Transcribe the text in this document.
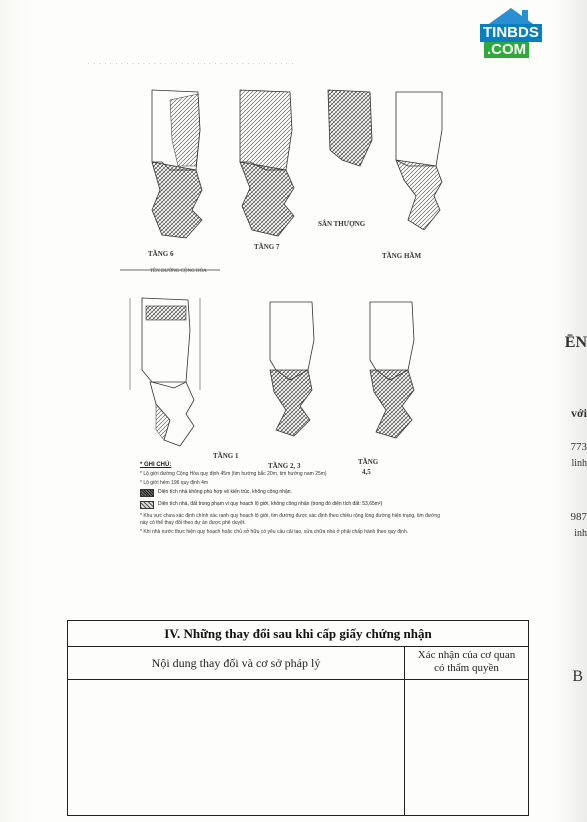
. . . . . . . . . . . . . . . . . . . . . . . . . . . . . . . . . . . . . .
TINBDS
.COM
TẦNG 6
TẦNG 7
SÂN THƯỢNG
TẦNG HẦM
TÊN ĐƯỜNG CỘNG HÒA
TẦNG 1
TẦNG 2, 3	TẦNG
4,5
* GHI CHÚ:
* Lộ giới đường Cộng Hòa quy định 45m (tim hướng bắc 20m, tim hướng nam 25m)
* Lộ giới hẻm 196 quy định 4m
Diện tích nhà không phù hợp về kiến trúc, không công nhận.
Diện tích nhà, đất trong phạm vi quy hoạch lộ giới, không công nhận (trong đó diện tích đất: 53,65m²)
* Khu vực chưa xác định chính xác ranh quy hoạch lộ giới, tim đường được xác định theo chiều rộng lòng đường hiện trạng, tim đường này có thể thay đổi theo dự án được phê duyệt.
* Khi nhà nước thực hiện quy hoạch hoặc chủ sở hữu có yêu cầu cải tạo, sửa chữa nhà ở phải chấp hành theo quy định.
IV. Những thay đổi sau khi cấp giấy chứng nhận
Nội dung thay đổi và cơ sở pháp lý
Xác nhận của cơ quan
có thẩm quyền
ĒN
với
773
linh
987
inh
B
